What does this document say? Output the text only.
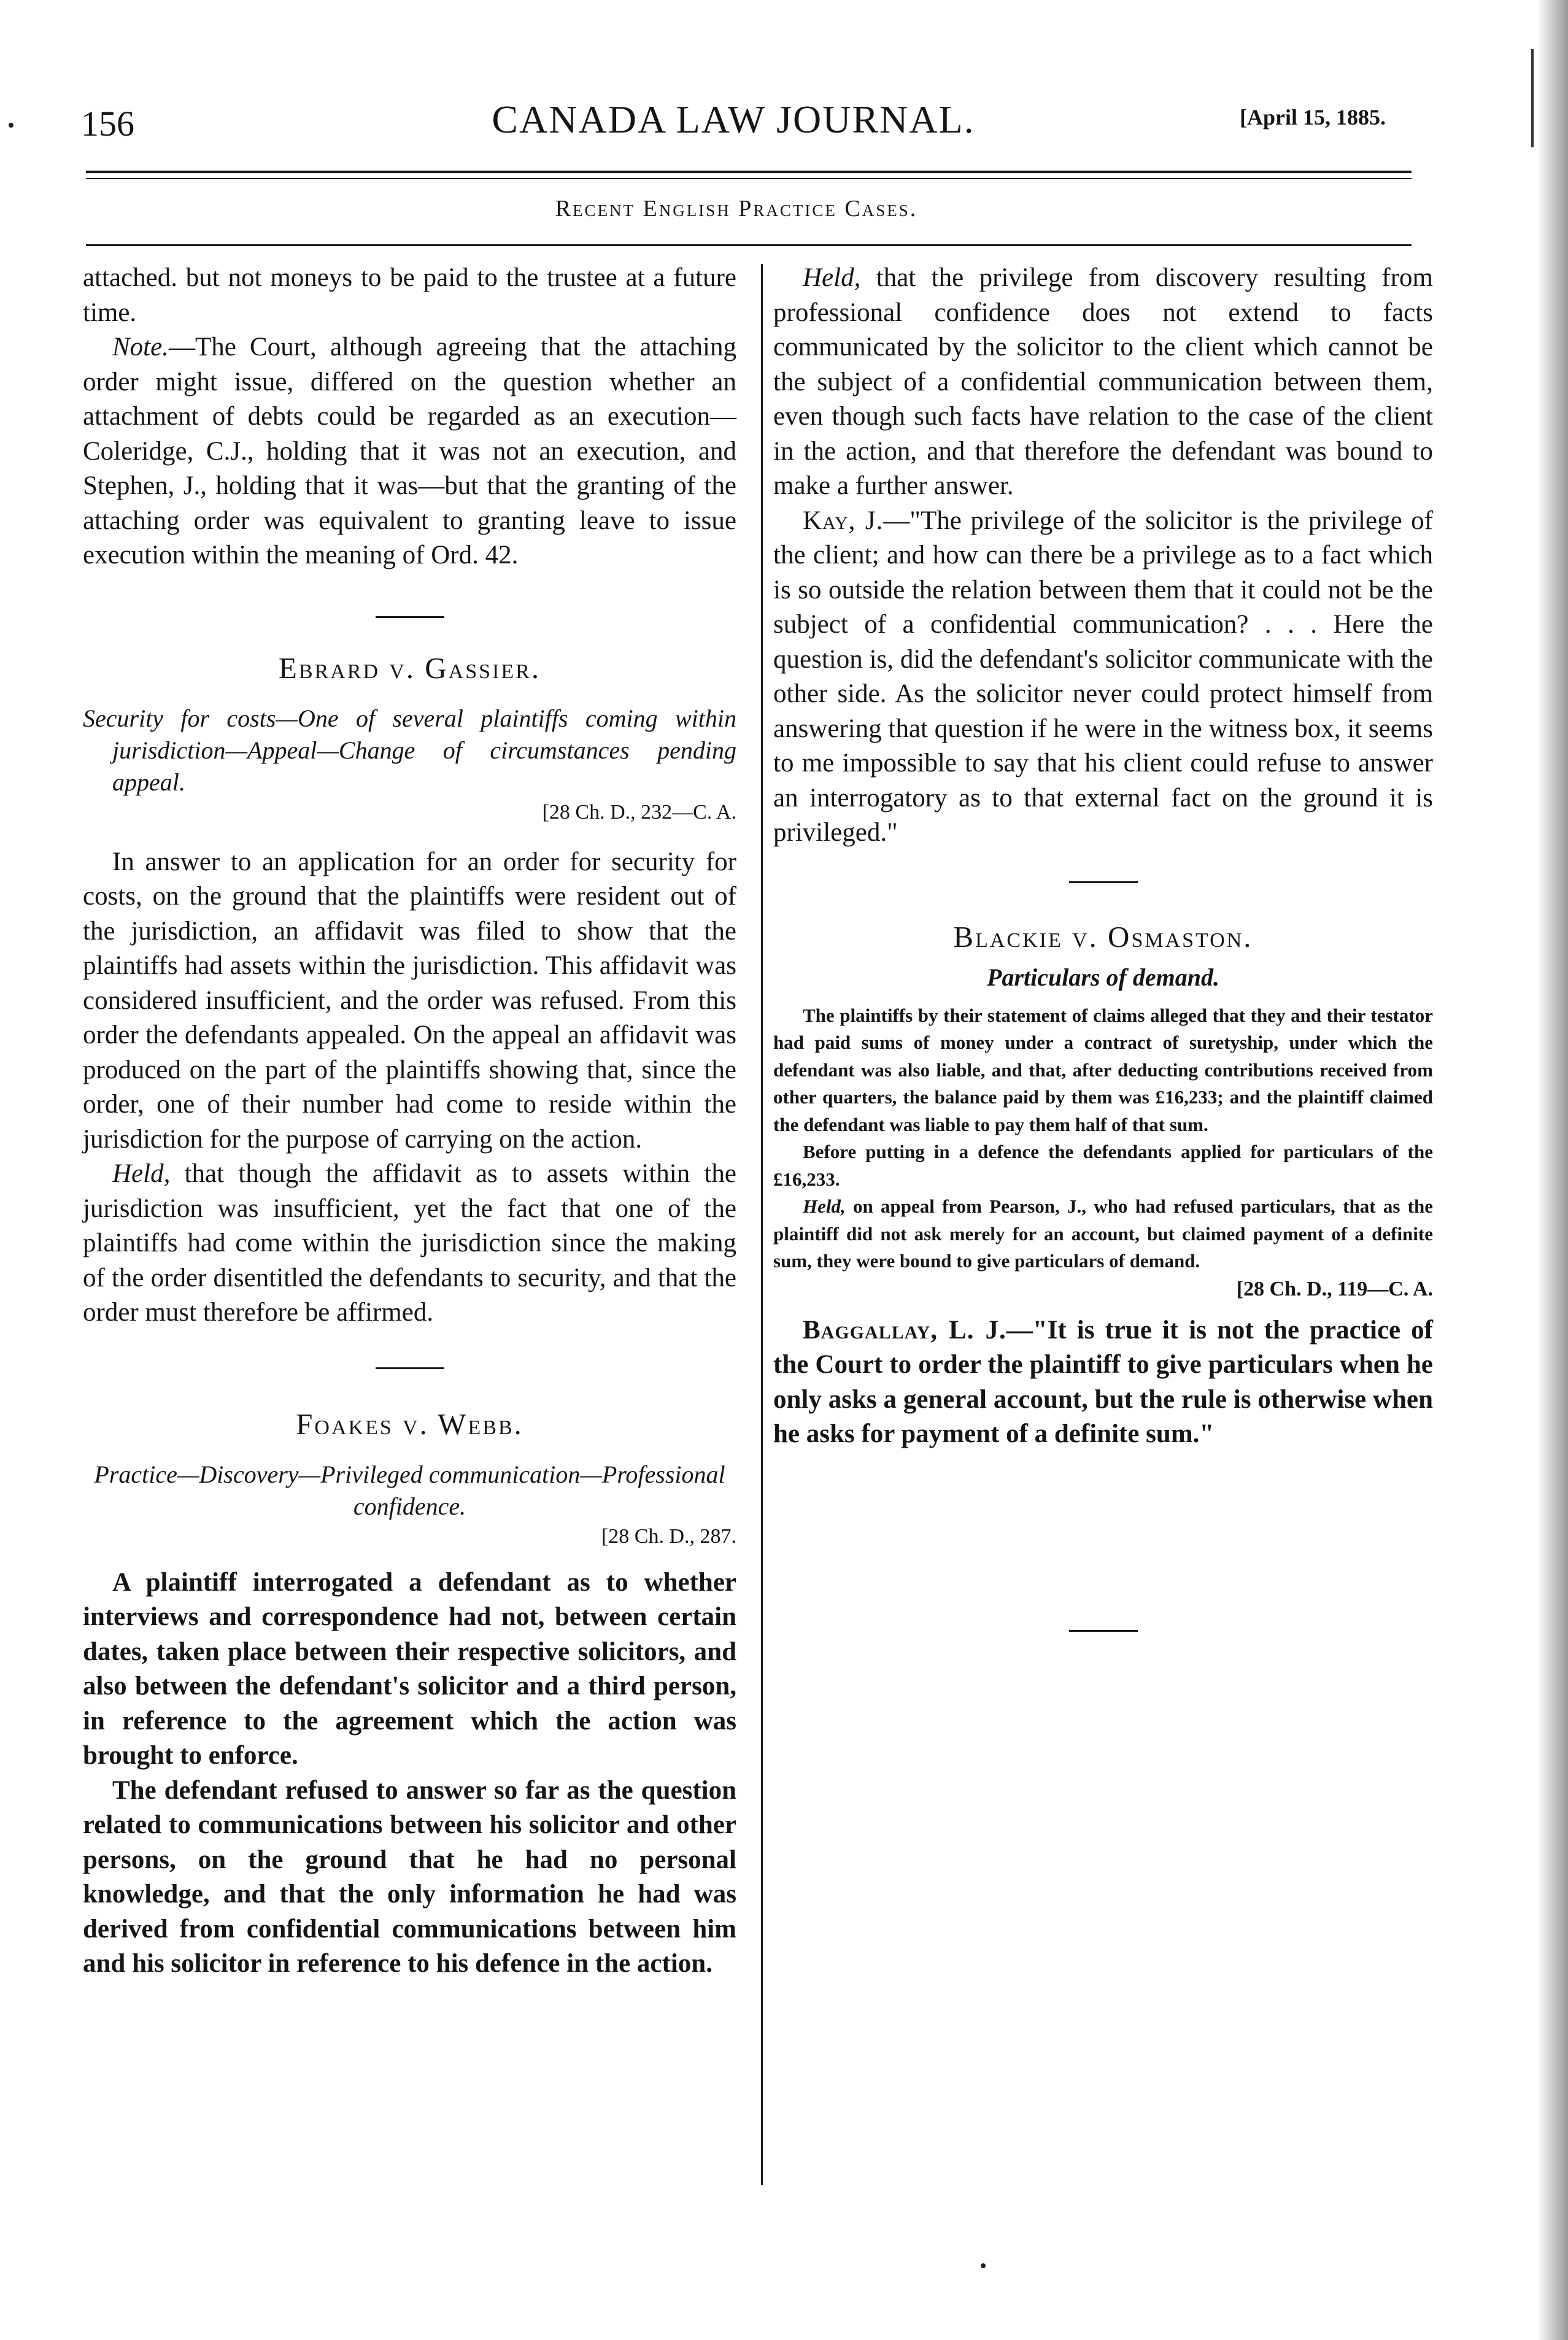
156	CANADA LAW JOURNAL.	[April 15, 1885.
Recent English Practice Cases.

attached. but not moneys to be paid to the trustee at a future time.

Note.—The Court, although agreeing that the attaching order might issue, differed on the question whether an attachment of debts could be regarded as an execution—Coleridge, C.J., holding that it was not an execution, and Stephen, J., holding that it was—but that the granting of the attaching order was equivalent to granting leave to issue execution within the meaning of Ord. 42.

Ebrard v. Gassier.
Security for costs—One of several plaintiffs coming within jurisdiction—Appeal—Change of circumstances pending appeal.
[28 Ch. D., 232—C. A.

In answer to an application for an order for security for costs, on the ground that the plaintiffs were resident out of the jurisdiction, an affidavit was filed to show that the plaintiffs had assets within the jurisdiction. This affidavit was considered insufficient, and the order was refused. From this order the defendants appealed. On the appeal an affidavit was produced on the part of the plaintiffs showing that, since the order, one of their number had come to reside within the jurisdiction for the purpose of carrying on the action.

Held, that though the affidavit as to assets within the jurisdiction was insufficient, yet the fact that one of the plaintiffs had come within the jurisdiction since the making of the order disentitled the defendants to security, and that the order must therefore be affirmed.

Foakes v. Webb.
Practice—Discovery—Privileged communication—Professional confidence.
[28 Ch. D., 287.

A plaintiff interrogated a defendant as to whether interviews and correspondence had not, between certain dates, taken place between their respective solicitors, and also between the defendant's solicitor and a third person, in reference to the agreement which the action was brought to enforce.

The defendant refused to answer so far as the question related to communications between his solicitor and other persons, on the ground that he had no personal knowledge, and that the only information he had was derived from confidential communications between him and his solicitor in reference to his defence in the action.

Held, that the privilege from discovery resulting from professional confidence does not extend to facts communicated by the solicitor to the client which cannot be the subject of a confidential communication between them, even though such facts have relation to the case of the client in the action, and that therefore the defendant was bound to make a further answer.

Kay, J.—"The privilege of the solicitor is the privilege of the client; and how can there be a privilege as to a fact which is so outside the relation between them that it could not be the subject of a confidential communication? . . . Here the question is, did the defendant's solicitor communicate with the other side. As the solicitor never could protect himself from answering that question if he were in the witness box, it seems to me impossible to say that his client could refuse to answer an interrogatory as to that external fact on the ground it is privileged."

Blackie v. Osmaston.
Particulars of demand.

The plaintiffs by their statement of claims alleged that they and their testator had paid sums of money under a contract of suretyship, under which the defendant was also liable, and that, after deducting contributions received from other quarters, the balance paid by them was £16,233; and the plaintiff claimed the defendant was liable to pay them half of that sum.

Before putting in a defence the defendants applied for particulars of the £16,233.

Held, on appeal from Pearson, J., who had refused particulars, that as the plaintiff did not ask merely for an account, but claimed payment of a definite sum, they were bound to give particulars of demand.

[28 Ch. D., 119—C. A.

Baggallay, L. J.—"It is true it is not the practice of the Court to order the plaintiff to give particulars when he only asks a general account, but the rule is otherwise when he asks for payment of a definite sum."
